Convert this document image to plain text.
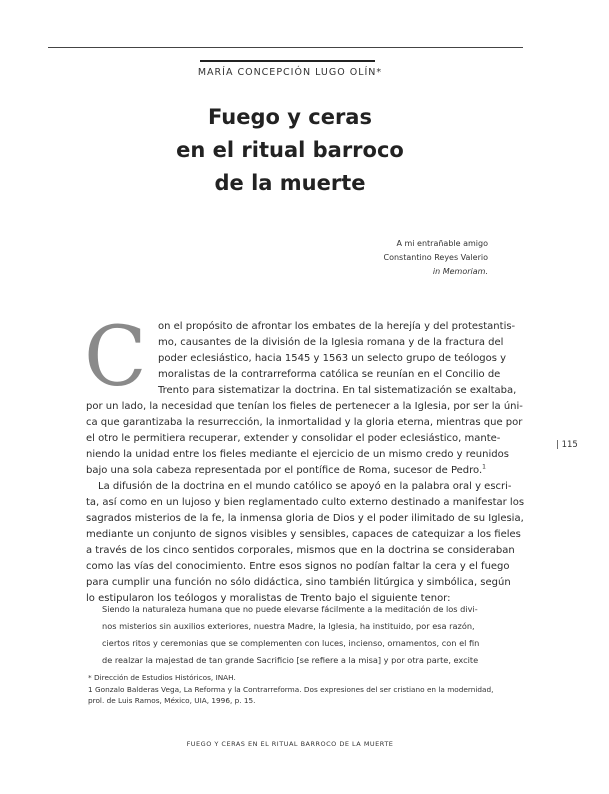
MARÍA CONCEPCIÓN LUGO OLÍN*
Fuego y ceras
en el ritual barroco
de la muerte
A mi entrañable amigo
Constantino Reyes Valerio
in Memoriam.
C on el propósito de afrontar los embates de la herejía y del protestantis-
mo, causantes de la división de la Iglesia romana y de la fractura del
poder eclesiástico, hacia 1545 y 1563 un selecto grupo de teólogos y
moralistas de la contrarreforma católica se reunían en el Concilio de
Trento para sistematizar la doctrina. En tal sistematización se exaltaba,
por un lado, la necesidad que tenían los fieles de pertenecer a la Iglesia, por ser la úni-
ca que garantizaba la resurrección, la inmortalidad y la gloria eterna, mientras que por
el otro le permitiera recuperar, extender y consolidar el poder eclesiástico, mante-
niendo la unidad entre los fieles mediante el ejercicio de un mismo credo y reunidos
bajo una sola cabeza representada por el pontífice de Roma, sucesor de Pedro.$^1$
La difusión de la doctrina en el mundo católico se apoyó en la palabra oral y escri-
ta, así como en un lujoso y bien reglamentado culto externo destinado a manifestar los
sagrados misterios de la fe, la inmensa gloria de Dios y el poder ilimitado de su Iglesia,
mediante un conjunto de signos visibles y sensibles, capaces de catequizar a los fieles
a través de los cinco sentidos corporales, mismos que en la doctrina se consideraban
como las vías del conocimiento. Entre esos signos no podían faltar la cera y el fuego
para cumplir una función no sólo didáctica, sino también litúrgica y simbólica, según
lo estipularon los teólogos y moralistas de Trento bajo el siguiente tenor:
Siendo la naturaleza humana que no puede elevarse fácilmente a la meditación de los divi-
nos misterios sin auxilios exteriores, nuestra Madre, la Iglesia, ha instituido, por esa razón,
ciertos ritos y ceremonias que se complementen con luces, incienso, ornamentos, con el fin
de realzar la majestad de tan grande Sacrificio [se refiere a la misa] y por otra parte, excite
* Dirección de Estudios Históricos, INAH.
1 Gonzalo Balderas Vega, La Reforma y la Contrarreforma. Dos expresiones del ser cristiano en la modernidad,
prol. de Luis Ramos, México, UIA, 1996, p. 15.
| 115
FUEGO Y CERAS EN EL RITUAL BARROCO DE LA MUERTE
